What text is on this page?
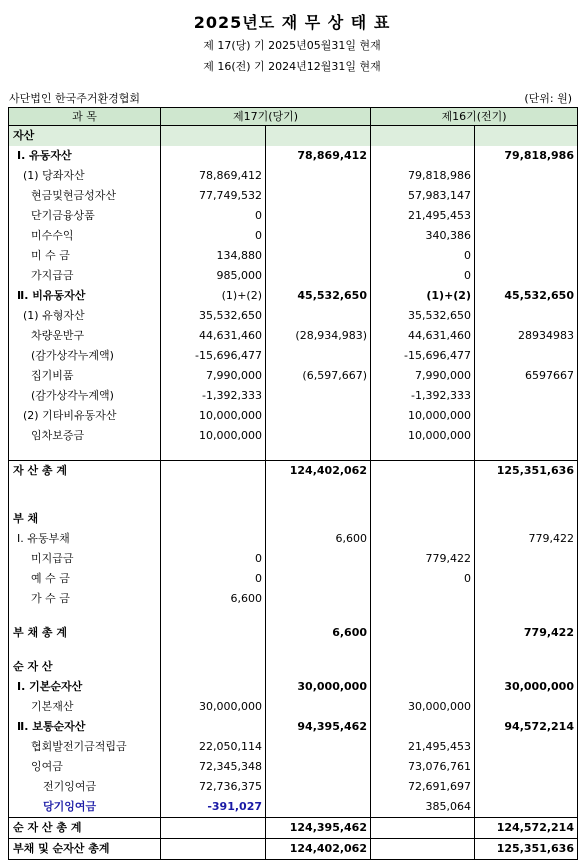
2025년도 재 무 상 태 표
제 17(당) 기 2025년05월31일 현재
제 16(전) 기 2024년12월31일 현재
사단법인 한국주거환경협회	(단위: 원)
과 목	제17기(당기)		제16기(전기)	
자산				
Ⅰ. 유동자산		78,869,412		79,818,986
(1) 당좌자산	78,869,412		79,818,986	
현금및현금성자산	77,749,532		57,983,147	
단기금융상품	0		21,495,453	
미수수익	0		340,386	
미 수 금	134,880		0	
가지급금	985,000		0	
Ⅱ. 비유동자산	(1)+(2)	45,532,650	(1)+(2)	45,532,650
(1) 유형자산	35,532,650		35,532,650	
차량운반구	44,631,460	(28,934,983)	44,631,460	28934983
(감가상각누계액)	-15,696,477		-15,696,477	
집기비품	7,990,000	(6,597,667)	7,990,000	6597667
(감가상각누계액)	-1,392,333		-1,392,333	
(2) 기타비유동자산	10,000,000		10,000,000	
임차보증금	10,000,000		10,000,000	

자 산 총 계		124,402,062		125,351,636

부 채				
Ⅰ. 유동부채		6,600		779,422
미지급금	0		779,422	
예 수 금	0		0	
가 수 금	6,600			

부 채 총 계		6,600		779,422

순 자 산				
Ⅰ. 기본순자산		30,000,000		30,000,000
기본재산	30,000,000		30,000,000	
Ⅱ. 보통순자산		94,395,462		94,572,214
협회발전기금적립금	22,050,114		21,495,453	
잉여금	72,345,348		73,076,761	
전기잉여금	72,736,375		72,691,697	
당기잉여금	-391,027		385,064	
순 자 산 총 계		124,395,462		124,572,214
부채 및 순자산 총계		124,402,062		125,351,636
